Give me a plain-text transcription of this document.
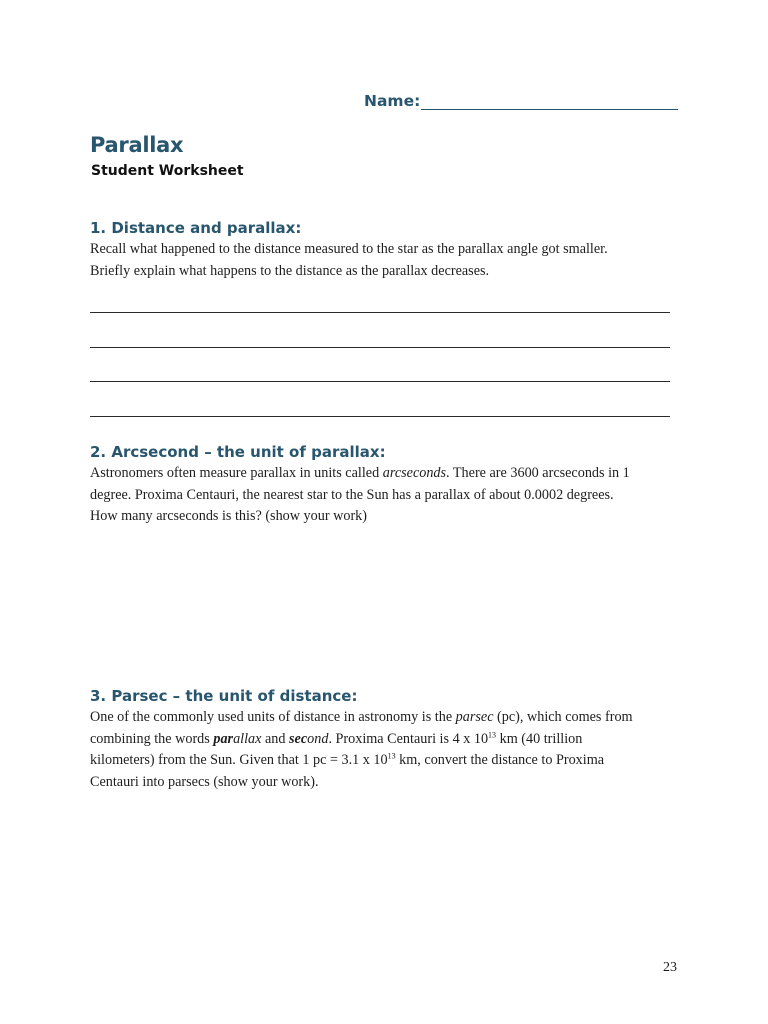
Name:
Parallax
Student Worksheet
1. Distance and parallax:

Recall what happened to the distance measured to the star as the parallax angle got smaller.
Briefly explain what happens to the distance as the parallax decreases.

2. Arcsecond – the unit of parallax:

Astronomers often measure parallax in units called arcseconds. There are 3600 arcseconds in 1
degree. Proxima Centauri, the nearest star to the Sun has a parallax of about 0.0002 degrees.
How many arcseconds is this? (show your work)

3. Parsec – the unit of distance:

One of the commonly used units of distance in astronomy is the parsec (pc), which comes from
combining the words parallax and second. Proxima Centauri is 4 x $10^{13}$ km (40 trillion
kilometers) from the Sun. Given that 1 pc = 3.1 x $10^{13}$ km, convert the distance to Proxima
Centauri into parsecs (show your work).

23
